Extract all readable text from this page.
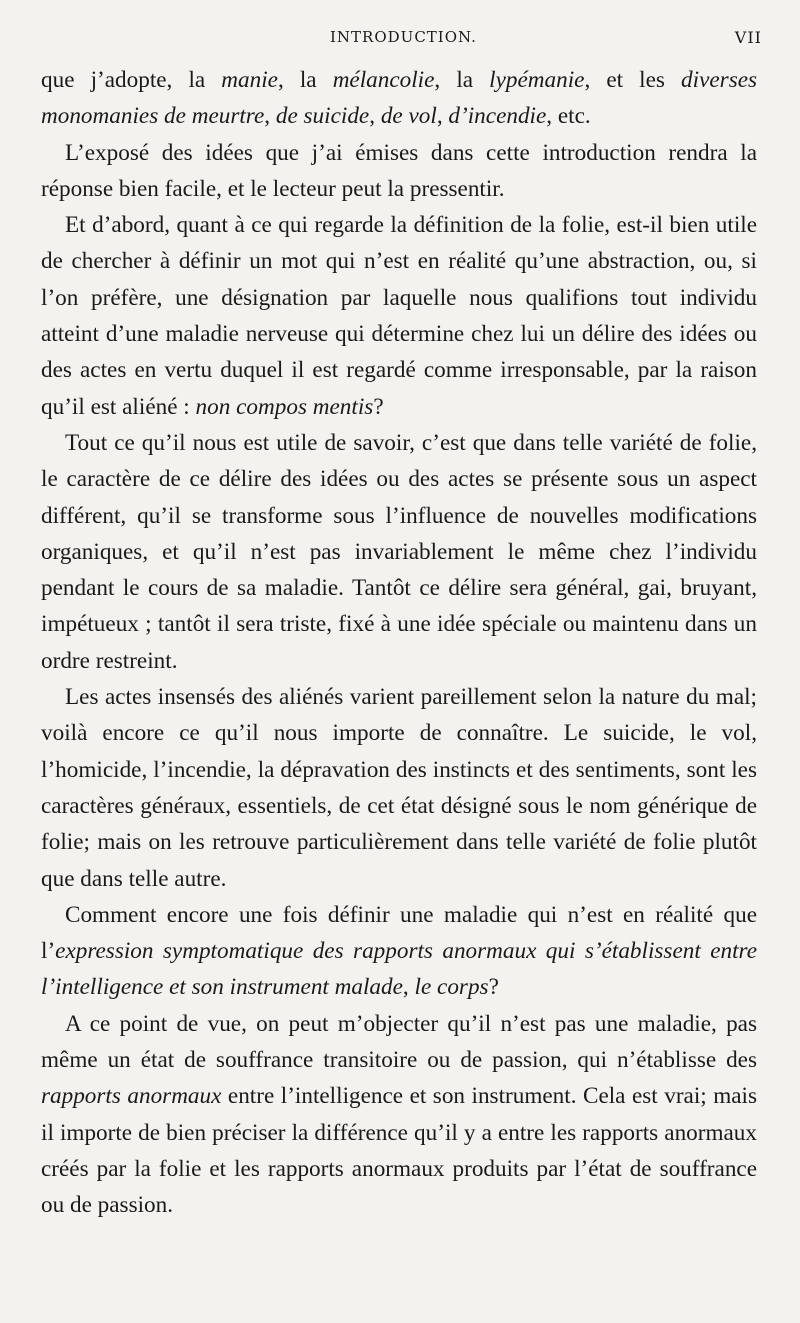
INTRODUCTION.	VII

que j’adopte, la manie, la mélancolie, la lypémanie, et les diverses monomanies de meurtre, de suicide, de vol, d’incendie, etc.

L’exposé des idées que j’ai émises dans cette introduction rendra la réponse bien facile, et le lecteur peut la pressentir.

Et d’abord, quant à ce qui regarde la définition de la folie, est-il bien utile de chercher à définir un mot qui n’est en réalité qu’une abstraction, ou, si l’on préfère, une désignation par laquelle nous qualifions tout individu atteint d’une maladie nerveuse qui détermine chez lui un délire des idées ou des actes en vertu duquel il est regardé comme irresponsable, par la raison qu’il est aliéné : non compos mentis?

Tout ce qu’il nous est utile de savoir, c’est que dans telle variété de folie, le caractère de ce délire des idées ou des actes se présente sous un aspect différent, qu’il se transforme sous l’influence de nouvelles modifications organiques, et qu’il n’est pas invariablement le même chez l’individu pendant le cours de sa maladie. Tantôt ce délire sera général, gai, bruyant, impétueux ; tantôt il sera triste, fixé à une idée spéciale ou maintenu dans un ordre restreint.

Les actes insensés des aliénés varient pareillement selon la nature du mal; voilà encore ce qu’il nous importe de connaître. Le suicide, le vol, l’homicide, l’incendie, la dépravation des instincts et des sentiments, sont les caractères généraux, essentiels, de cet état désigné sous le nom générique de folie; mais on les retrouve particulièrement dans telle variété de folie plutôt que dans telle autre.

Comment encore une fois définir une maladie qui n’est en réalité que l’expression symptomatique des rapports anormaux qui s’établissent entre l’intelligence et son instrument malade, le corps?

A ce point de vue, on peut m’objecter qu’il n’est pas une maladie, pas même un état de souffrance transitoire ou de passion, qui n’établisse des rapports anormaux entre l’intelligence et son instrument. Cela est vrai; mais il importe de bien préciser la différence qu’il y a entre les rapports anormaux créés par la folie et les rapports anormaux produits par l’état de souffrance ou de passion.
